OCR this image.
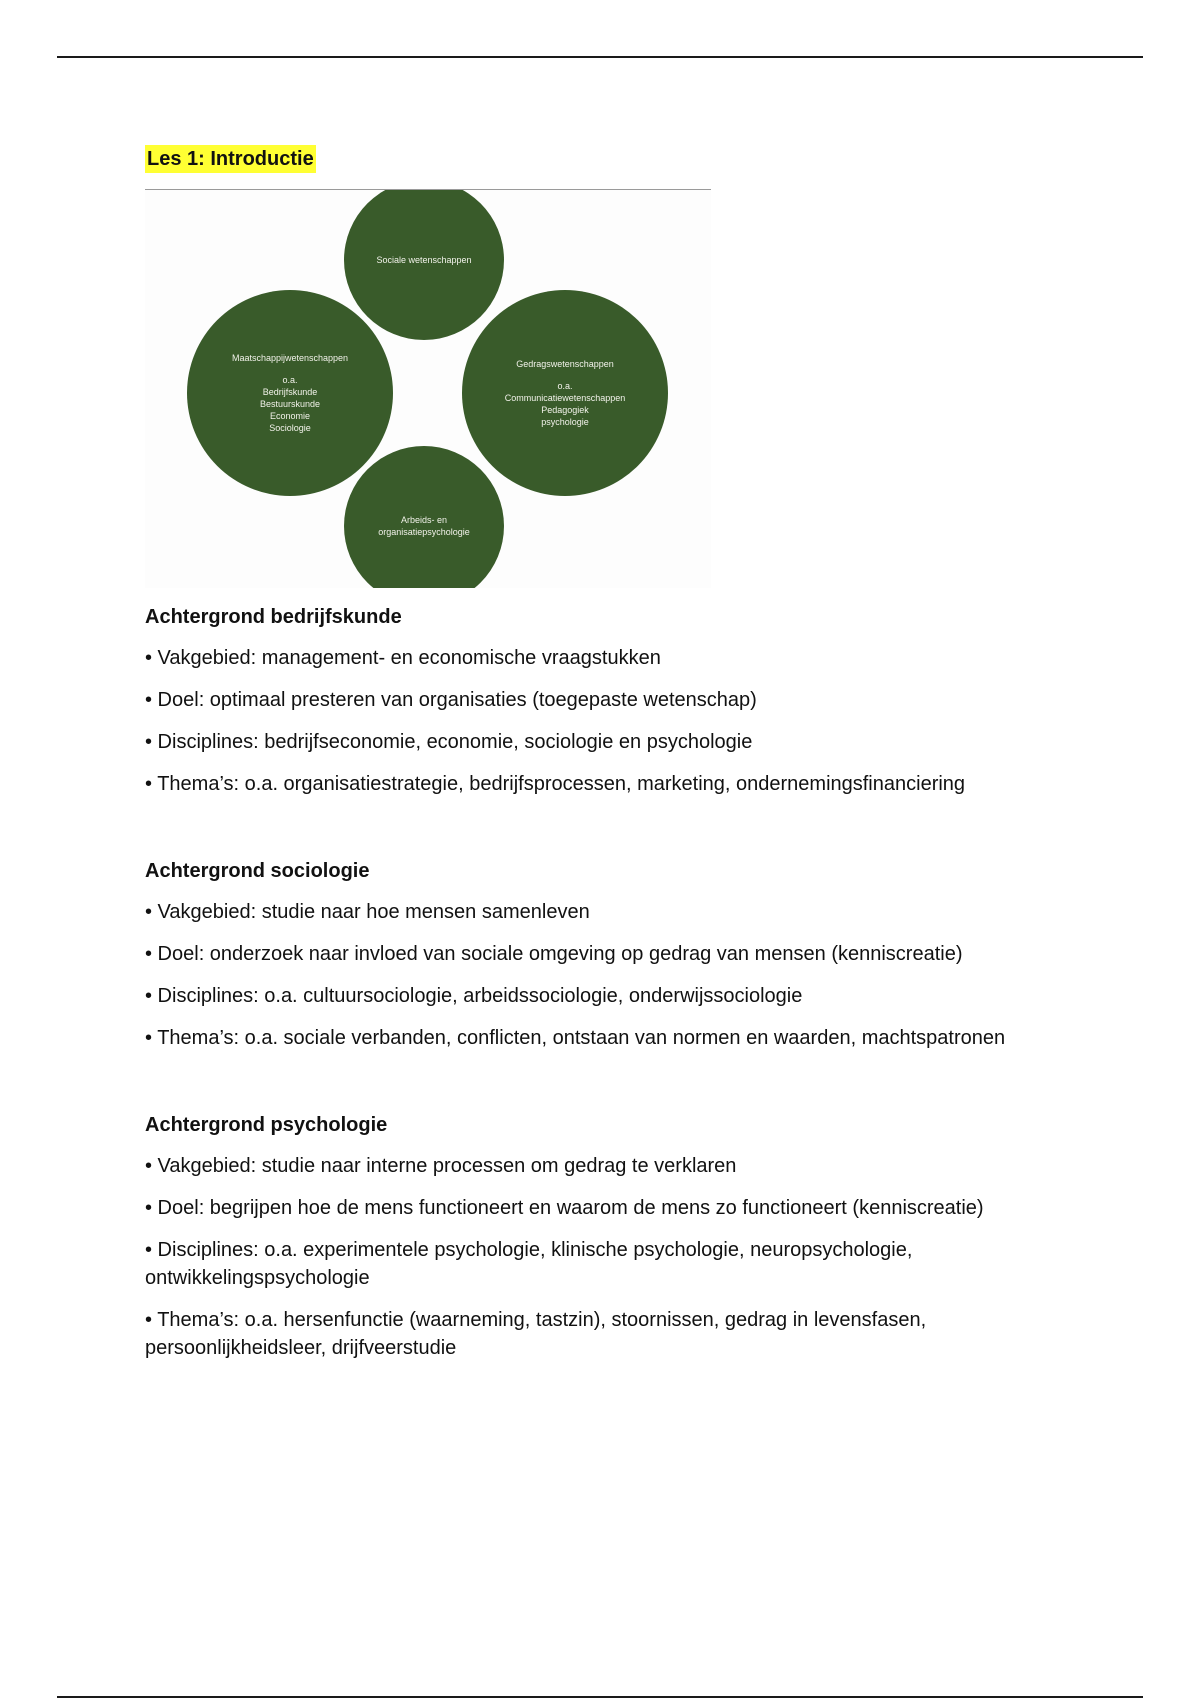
Les 1: Introductie
Sociale wetenschappen
Maatschappijwetenschappen
o.a.
Bedrijfskunde
Bestuurskunde
Economie
Sociologie
Gedragswetenschappen
o.a.
Communicatiewetenschappen
Pedagogiek
psychologie
Arbeids- en
organisatiepsychologie
Achtergrond bedrijfskunde

• Vakgebied: management- en economische vraagstukken

• Doel: optimaal presteren van organisaties (toegepaste wetenschap)

• Disciplines: bedrijfseconomie, economie, sociologie en psychologie

• Thema’s: o.a. organisatiestrategie, bedrijfsprocessen, marketing, ondernemingsfinanciering

Achtergrond sociologie

• Vakgebied: studie naar hoe mensen samenleven

• Doel: onderzoek naar invloed van sociale omgeving op gedrag van mensen (kenniscreatie)

• Disciplines: o.a. cultuursociologie, arbeidssociologie, onderwijssociologie

• Thema’s: o.a. sociale verbanden, conflicten, ontstaan van normen en waarden, machtspatronen

Achtergrond psychologie

• Vakgebied: studie naar interne processen om gedrag te verklaren

• Doel: begrijpen hoe de mens functioneert en waarom de mens zo functioneert (kenniscreatie)

• Disciplines: o.a. experimentele psychologie, klinische psychologie, neuropsychologie, ontwikkelingspsychologie

• Thema’s: o.a. hersenfunctie (waarneming, tastzin), stoornissen, gedrag in levensfasen, persoonlijkheidsleer, drijfveerstudie
